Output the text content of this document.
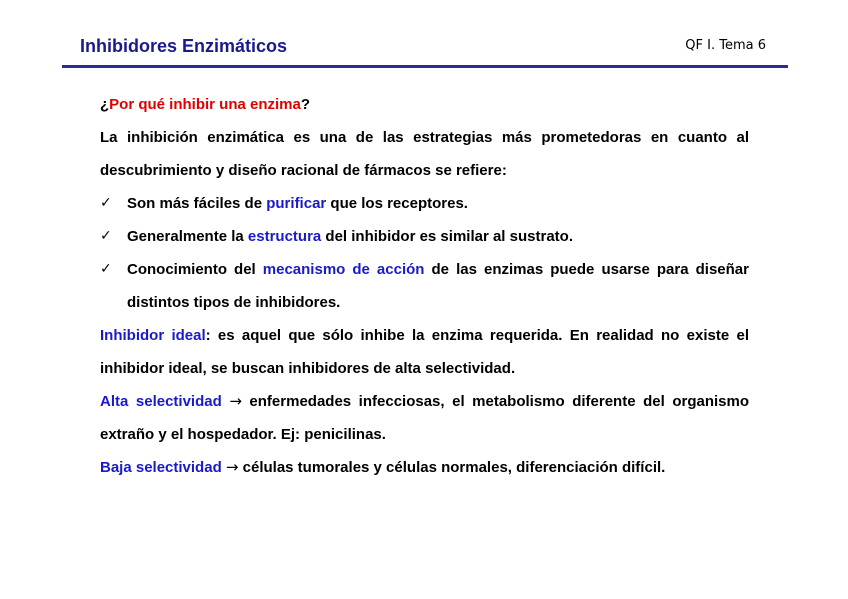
Inhibidores Enzimáticos	QF I. Tema 6

¿Por qué inhibir una enzima?

La inhibición enzimática es una de las estrategias más prometedoras en cuanto al descubrimiento y diseño racional de fármacos se refiere:

✓ Son más fáciles de purificar que los receptores.

✓ Generalmente la estructura del inhibidor es similar al sustrato.

✓ Conocimiento del mecanismo de acción de las enzimas puede usarse para diseñar distintos tipos de inhibidores.

Inhibidor ideal: es aquel que sólo inhibe la enzima requerida. En realidad no existe el inhibidor ideal, se buscan inhibidores de alta selectividad.

Alta selectividad → enfermedades infecciosas, el metabolismo diferente del organismo extraño y el hospedador. Ej: penicilinas.

Baja selectividad → células tumorales y células normales, diferenciación difícil.
